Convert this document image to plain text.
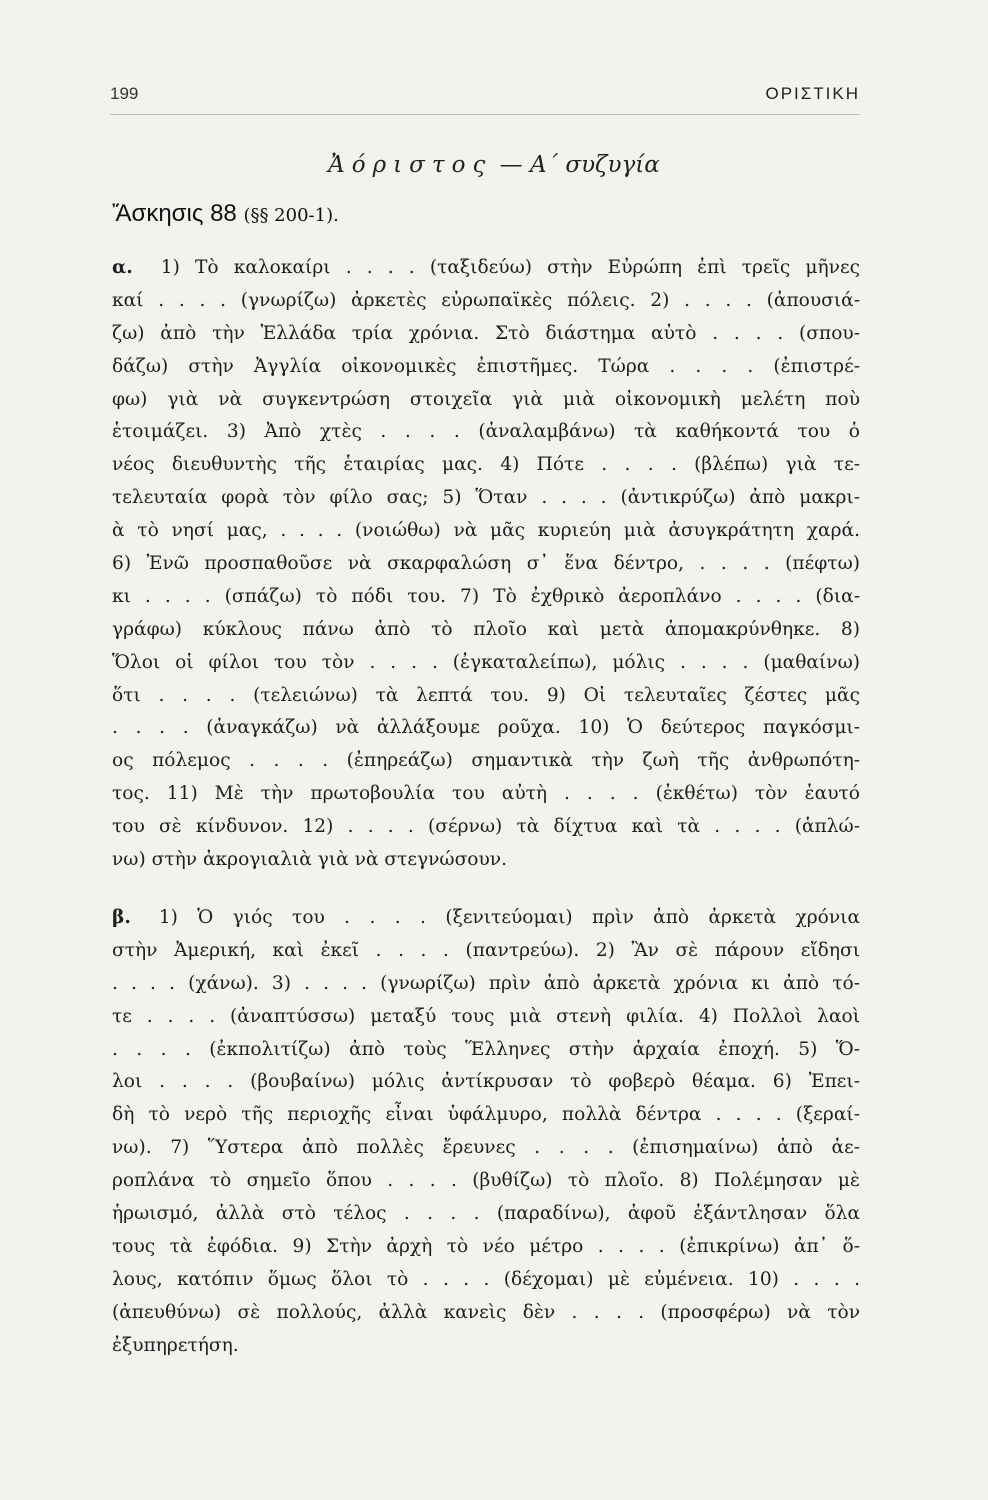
199	ΟΡΙΣΤΙΚΗ
Ἀόριστος — Α΄ συζυγία
Ἄσκησις 88 (§§ 200-1).
α. 1) Τὸ καλοκαίρι . . . . (ταξιδεύω) στὴν Εὐρώπη ἐπὶ τρεῖς μῆνες
καί . . . . (γνωρίζω) ἀρκετὲς εὐρωπαϊκὲς πόλεις. 2) . . . . (ἀπουσιά-
ζω) ἀπὸ τὴν Ἑλλάδα τρία χρόνια. Στὸ διάστημα αὐτὸ . . . . (σπου-
δάζω) στὴν Ἀγγλία οἰκονομικὲς ἐπιστῆμες. Τώρα . . . . (ἐπιστρέ-
φω) γιὰ νὰ συγκεντρώση στοιχεῖα γιὰ μιὰ οἰκονομικὴ μελέτη ποὺ
ἑτοιμάζει. 3) Ἀπὸ χτὲς . . . . (ἀναλαμβάνω) τὰ καθήκοντά του ὁ
νέος διευθυντὴς τῆς ἑταιρίας μας. 4) Πότε . . . . (βλέπω) γιὰ τε-
τελευταία φορὰ τὸν φίλο σας; 5) Ὅταν . . . . (ἀντικρύζω) ἀπὸ μακρι-
ὰ τὸ νησί μας, . . . . (νοιώθω) νὰ μᾶς κυριεύη μιὰ ἀσυγκράτητη χαρά.
6) Ἐνῶ προσπαθοῦσε νὰ σκαρφαλώση σ᾽ ἕνα δέντρο, . . . . (πέφτω)
κι . . . . (σπάζω) τὸ πόδι του. 7) Τὸ ἐχθρικὸ ἀεροπλάνο . . . . (δια-
γράφω) κύκλους πάνω ἀπὸ τὸ πλοῖο καὶ μετὰ ἀπομακρύνθηκε. 8)
Ὅλοι οἱ φίλοι του τὸν . . . . (ἐγκαταλείπω), μόλις . . . . (μαθαίνω)
ὅτι . . . . (τελειώνω) τὰ λεπτά του. 9) Οἱ τελευταῖες ζέστες μᾶς
. . . . (ἀναγκάζω) νὰ ἀλλάξουμε ροῦχα. 10) Ὁ δεύτερος παγκόσμι-
ος πόλεμος . . . . (ἐπηρεάζω) σημαντικὰ τὴν ζωὴ τῆς ἀνθρωπότη-
τος. 11) Μὲ τὴν πρωτοβουλία του αὐτὴ . . . . (ἐκθέτω) τὸν ἑαυτό
του σὲ κίνδυνον. 12) . . . . (σέρνω) τὰ δίχτυα καὶ τὰ . . . . (ἁπλώ-
νω) στὴν ἀκρογιαλιὰ γιὰ νὰ στεγνώσουν.
β. 1) Ὁ γιός του . . . . (ξενιτεύομαι) πρὶν ἀπὸ ἀρκετὰ χρόνια
στὴν Ἀμερική, καὶ ἐκεῖ . . . . (παντρεύω). 2) Ἂν σὲ πάρουν εἴδησι
. . . . (χάνω). 3) . . . . (γνωρίζω) πρὶν ἀπὸ ἀρκετὰ χρόνια κι ἀπὸ τό-
τε . . . . (ἀναπτύσσω) μεταξύ τους μιὰ στενὴ φιλία. 4) Πολλοὶ λαοὶ
. . . . (ἐκπολιτίζω) ἀπὸ τοὺς Ἕλληνες στὴν ἀρχαία ἐποχή. 5) Ὅ-
λοι . . . . (βουβαίνω) μόλις ἀντίκρυσαν τὸ φοβερὸ θέαμα. 6) Ἐπει-
δὴ τὸ νερὸ τῆς περιοχῆς εἶναι ὑφάλμυρο, πολλὰ δέντρα . . . . (ξεραί-
νω). 7) Ὕστερα ἀπὸ πολλὲς ἔρευνες . . . . (ἐπισημαίνω) ἀπὸ ἀε-
ροπλάνα τὸ σημεῖο ὅπου . . . . (βυθίζω) τὸ πλοῖο. 8) Πολέμησαν μὲ
ἡρωισμό, ἀλλὰ στὸ τέλος . . . . (παραδίνω), ἀφοῦ ἐξάντλησαν ὅλα
τους τὰ ἐφόδια. 9) Στὴν ἀρχὴ τὸ νέο μέτρο . . . . (ἐπικρίνω) ἀπ᾽ ὅ-
λους, κατόπιν ὅμως ὅλοι τὸ . . . . (δέχομαι) μὲ εὐμένεια. 10) . . . .
(ἀπευθύνω) σὲ πολλούς, ἀλλὰ κανεὶς δὲν . . . . (προσφέρω) νὰ τὸν
ἐξυπηρετήση.
